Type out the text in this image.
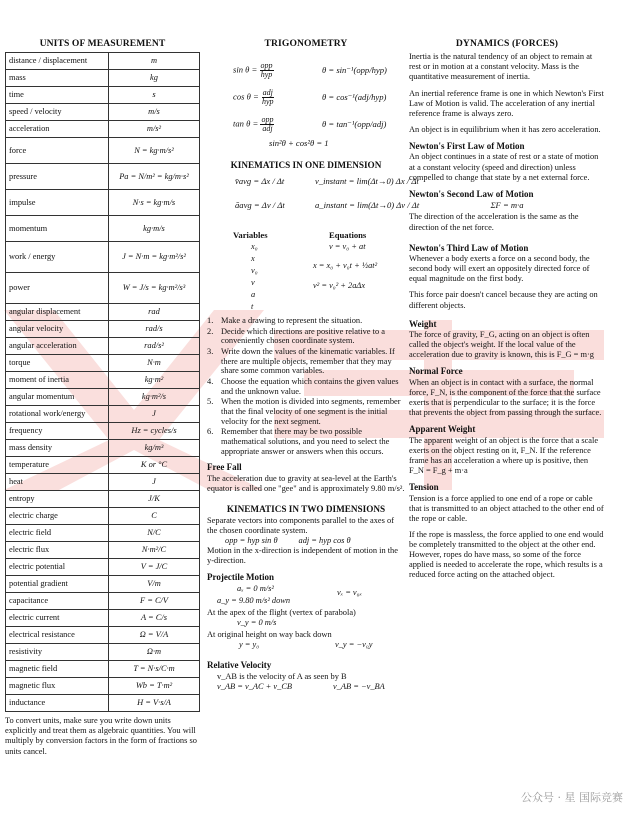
UNITS OF MEASUREMENT
distance / displacement	m
mass	kg
time	s
speed / velocity	m/s
acceleration	m/s²
force	N = kg·m/s²
pressure	Pa = N/m² = kg/m·s²
impulse	N·s = kg·m/s
momentum	kg·m/s
work / energy	J = N·m = kg·m²/s²
power	W = J/s = kg·m²/s³
angular displacement	rad
angular velocity	rad/s
angular acceleration	rad/s²
torque	N·m
moment of inertia	kg·m²
angular momentum	kg·m²/s
rotational work/energy	J
frequency	Hz = cycles/s
mass density	kg/m³
temperature	K or °C
heat	J
entropy	J/K
electric charge	C
electric field	N/C
electric flux	N·m²/C
electric potential	V = J/C
potential gradient	V/m
capacitance	F = C/V
electric current	A = C/s
electrical resistance	Ω = V/A
resistivity	Ω·m
magnetic field	T = N·s/C·m
magnetic flux	Wb = T·m²
inductance	H = V·s/A

To convert units, make sure you write down units explicitly and treat them as algebraic quantities. You will multiply by conversion factors in the form of fractions so units cancel.

TRIGONOMETRY
$\sin \theta = \frac{\text{opp}}{\text{hyp}}$	θ = sin⁻¹(opp/hyp)
$\cos \theta = \frac{\text{adj}}{\text{hyp}}$	θ = cos⁻¹(adj/hyp)
$\tan \theta = \frac{\text{opp}}{\text{adj}}$	θ = tan⁻¹(opp/adj)
sin²θ + cos²θ = 1
KINEMATICS IN ONE DIMENSION
v̄avg = Δx / Δt	v_instant = lim(Δt→0) Δx / Δt
āavg = Δv / Δt	a_instant = lim(Δt→0) Δv / Δt
Variables	Equations
x₀
x
v₀
v
a
t
v = v₀ + at
x = x₀ + v₀t + ½at²
v² = v₀² + 2aΔx
1. Make a drawing to represent the situation.
2. Decide which directions are positive relative to a conveniently chosen coordinate system.
3. Write down the values of the kinematic variables. If there are multiple objects, remember that they may share some common variables.
4. Choose the equation which contains the given values and the unknown value.
5. When the motion is divided into segments, remember that the final velocity of one segment is the initial velocity for the next segment.
6. Remember that there may be two possible mathematical solutions, and you need to select the appropriate answer or answers when this occurs.
Free Fall

The acceleration due to gravity at sea-level at the Earth's equator is called one "gee" and is approximately 9.80 m/s².

KINEMATICS IN TWO DIMENSIONS

Separate vectors into components parallel to the axes of the chosen coordinate system.

opp = hyp sin θ          adj = hyp cos θ

Motion in the x-direction is independent of motion in the y-direction.

Projectile Motion
aₓ = 0 m/s²	vₓ = v₀ₓ
a_y = 9.80 m/s² down

At the apex of the flight (vertex of parabola)

v_y = 0 m/s

At original height on way back down

y = y₀	v_y = −v₀y
Relative Velocity

v_AB is the velocity of A as seen by B

v_AB = v_AC + v_CB	v_AB = −v_BA
DYNAMICS (FORCES)

Inertia is the natural tendency of an object to remain at rest or in motion at a constant velocity. Mass is the quantitative measurement of inertia.

An inertial reference frame is one in which Newton's First Law of Motion is valid. The acceleration of any inertial reference frame is always zero.

An object is in equilibrium when it has zero acceleration.

Newton's First Law of Motion

An object continues in a state of rest or a state of motion at a constant velocity (speed and direction) unless compelled to change that state by a net external force.

Newton's Second Law of Motion
ΣF = m·a

The direction of the acceleration is the same as the direction of the net force.

Newton's Third Law of Motion

Whenever a body exerts a force on a second body, the second body will exert an oppositely directed force of equal magnitude on the first body.

This force pair doesn't cancel because they are acting on different objects.

Weight

The force of gravity, F_G, acting on an object is often called the object's weight. If the local value of the acceleration due to gravity is known, this is F_G = m·g

Normal Force

When an object is in contact with a surface, the normal force, F_N, is the component of the force that the surface exerts that is perpendicular to the surface; it is the force that prevents the object from passing through the surface.

Apparent Weight

The apparent weight of an object is the force that a scale exerts on the object resting on it, F_N. If the reference frame has an acceleration a where up is positive, then F_N = F_g + m·a

Tension

Tension is a force applied to one end of a rope or cable that is transmitted to an object attached to the other end of the rope or cable.

If the rope is massless, the force applied to one end would be completely transmitted to the object at the other end. However, ropes do have mass, so some of the force applied is needed to accelerate the rope, which results is a reduced force acting on the attached object.

公众号 · 星 国际竞赛
